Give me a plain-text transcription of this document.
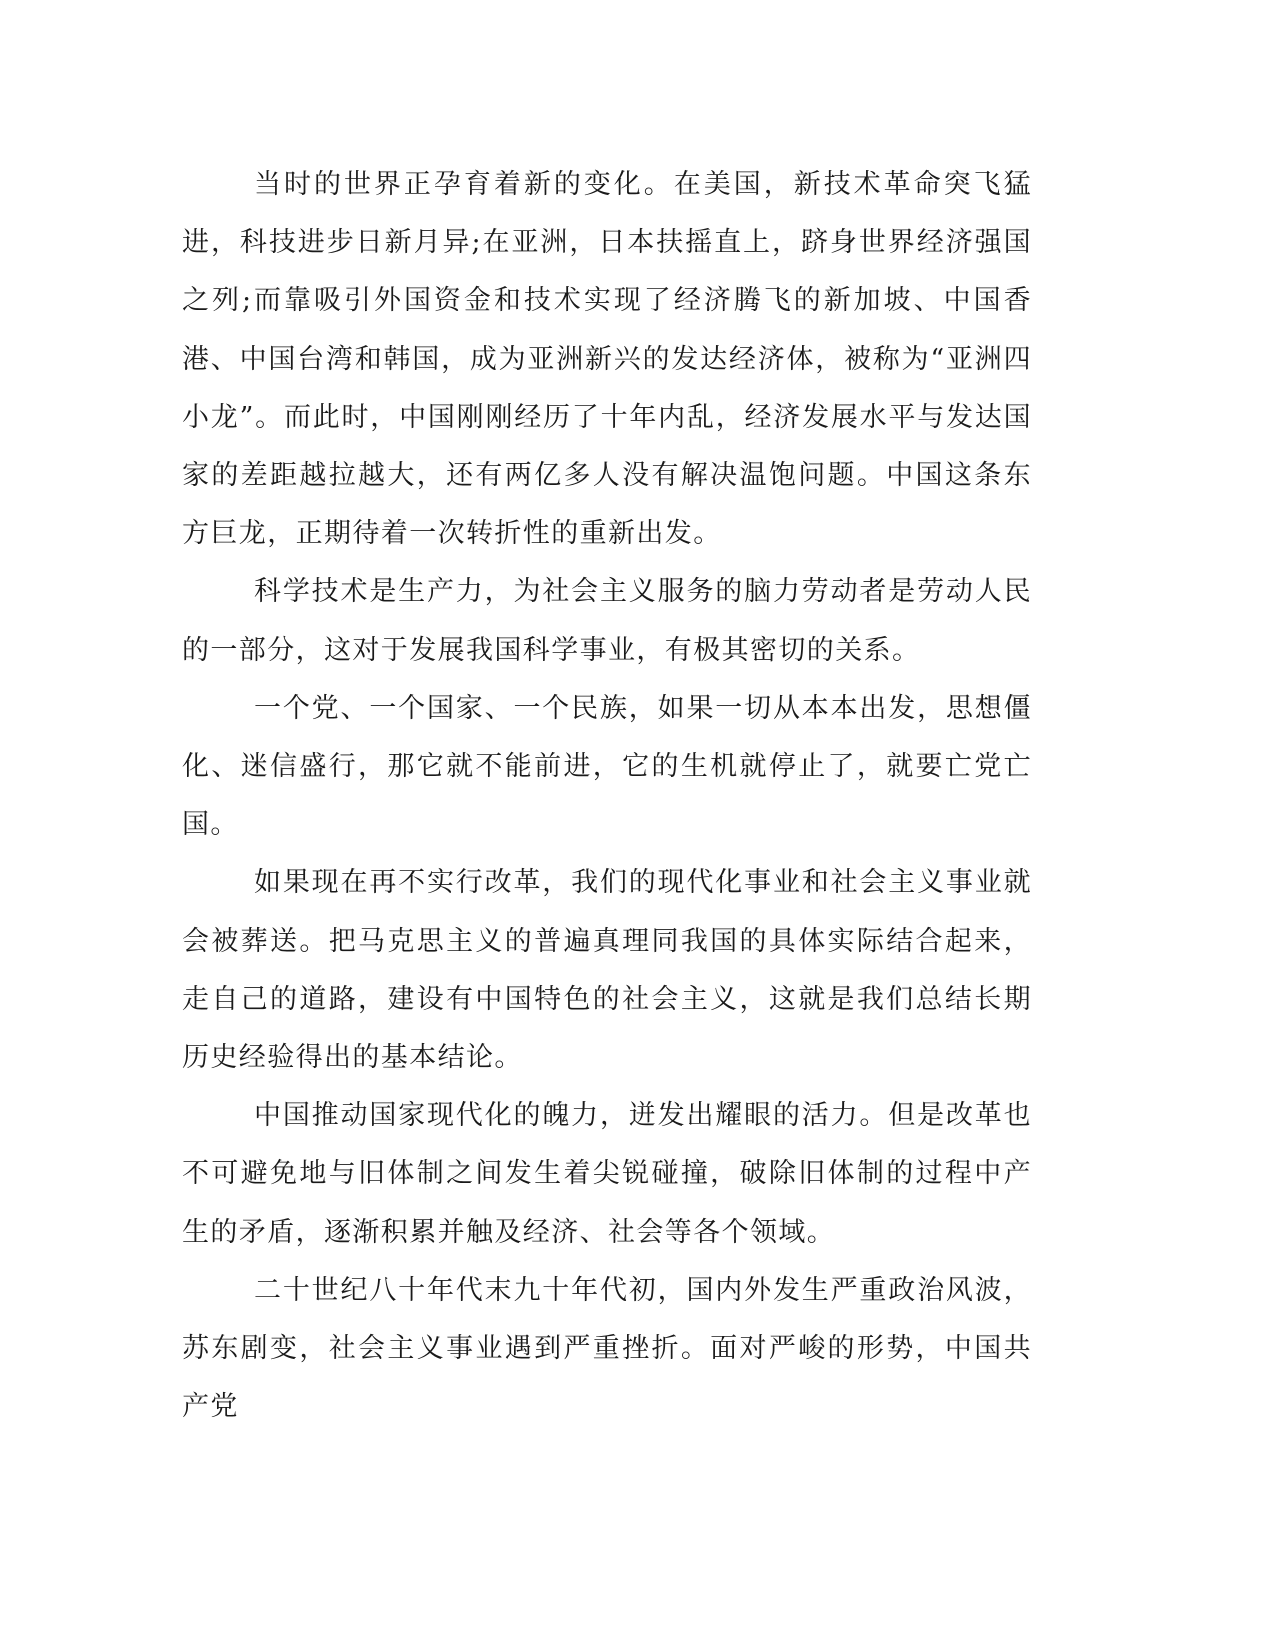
当时的世界正孕育着新的变化。在美国，新技术革命突飞猛进，科技进步日新月异;在亚洲，日本扶摇直上，跻身世界经济强国之列;而靠吸引外国资金和技术实现了经济腾飞的新加坡、中国香港、中国台湾和韩国，成为亚洲新兴的发达经济体，被称为“亚洲四小龙”。而此时，中国刚刚经历了十年内乱，经济发展水平与发达国家的差距越拉越大，还有两亿多人没有解决温饱问题。中国这条东方巨龙，正期待着一次转折性的重新出发。

科学技术是生产力，为社会主义服务的脑力劳动者是劳动人民的一部分，这对于发展我国科学事业，有极其密切的关系。

一个党、一个国家、一个民族，如果一切从本本出发，思想僵化、迷信盛行，那它就不能前进，它的生机就停止了，就要亡党亡国。

如果现在再不实行改革，我们的现代化事业和社会主义事业就会被葬送。把马克思主义的普遍真理同我国的具体实际结合起来，走自己的道路，建设有中国特色的社会主义，这就是我们总结长期历史经验得出的基本结论。

中国推动国家现代化的魄力，迸发出耀眼的活力。但是改革也不可避免地与旧体制之间发生着尖锐碰撞，破除旧体制的过程中产生的矛盾，逐渐积累并触及经济、社会等各个领域。

二十世纪八十年代末九十年代初，国内外发生严重政治风波，苏东剧变，社会主义事业遇到严重挫折。面对严峻的形势，中国共产党
